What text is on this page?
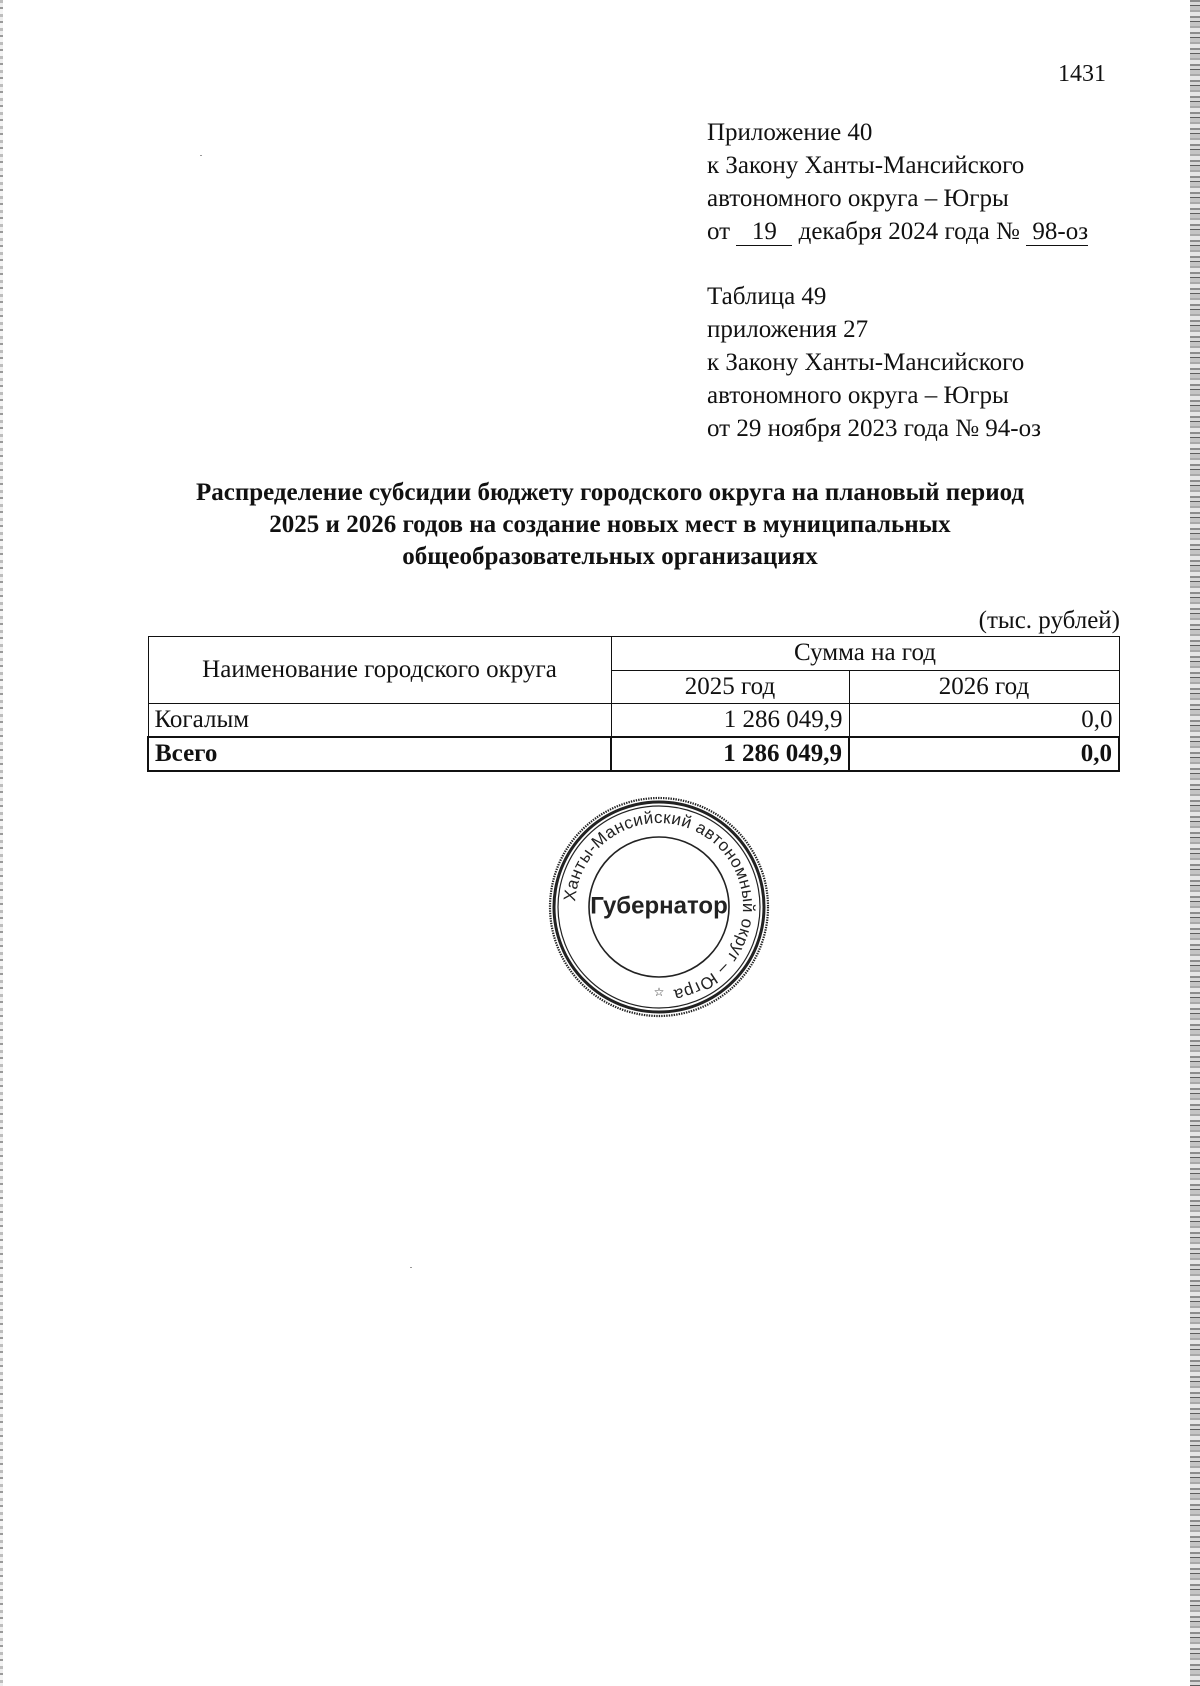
1431
Приложение 40
к Закону Ханты-Мансийского
автономного округа – Югры
от 19 декабря 2024 года № 98-оз
Таблица 49
приложения 27
к Закону Ханты-Мансийского
автономного округа – Югры
от 29 ноября 2023 года № 94-оз
Распределение субсидии бюджету городского округа на плановый период
2025 и 2026 годов на создание новых мест в муниципальных
общеобразовательных организациях
(тыс. рублей)
Наименование городского округа	Сумма на год	
	2025 год	2026 год
Когалым	1 286 049,9	0,0
Всего	1 286 049,9	0,0
Ханты-Мансийский автономный округ – Югра
Губернатор
☆
